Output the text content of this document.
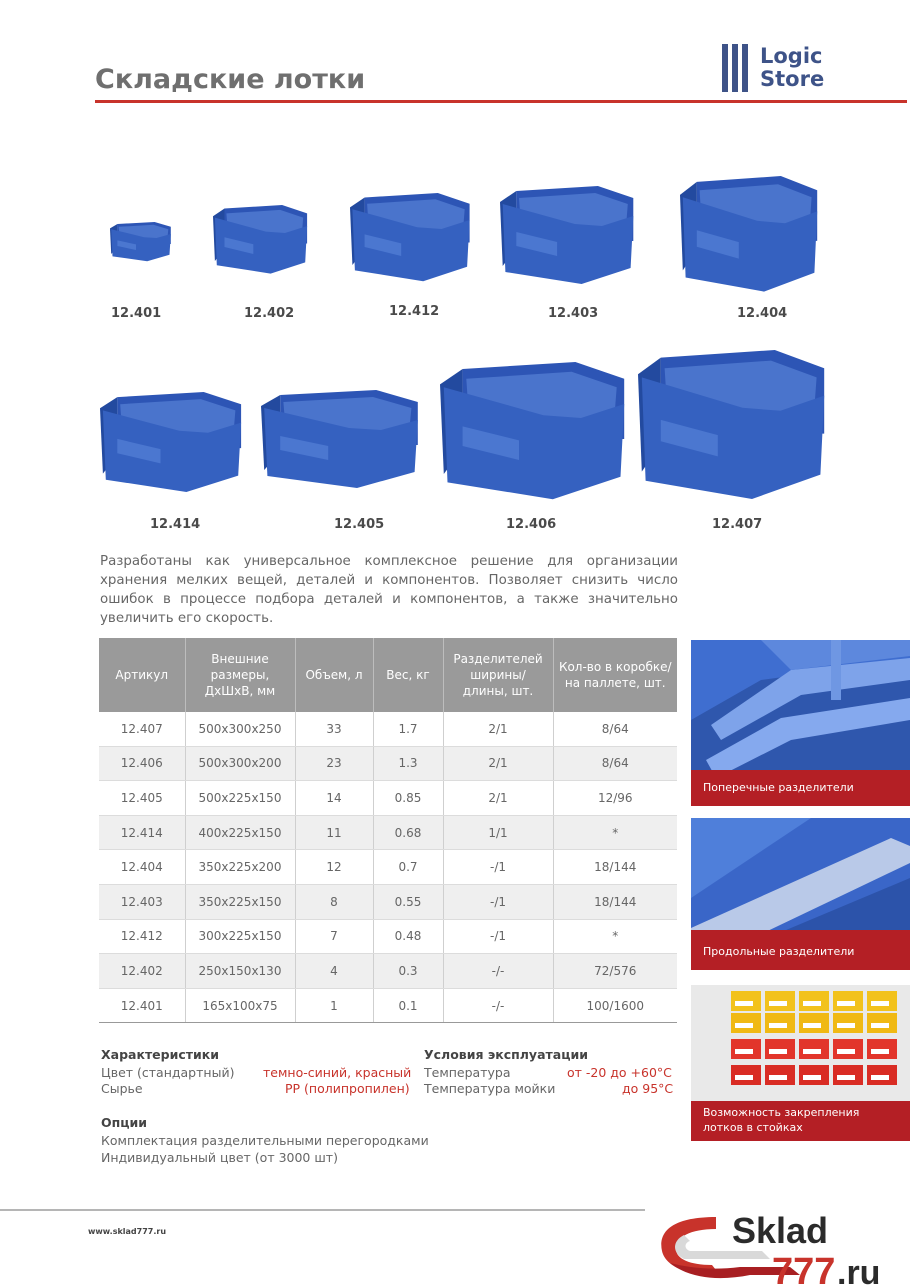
Складские лотки
Logic
Store
12.401	12.402	12.412	12.403	12.404
12.414	12.405	12.406	12.407
Разработаны как универсальное комплексное решение для организации хранения мелких вещей, деталей и компонентов. Позволяет снизить число ошибок в процессе подбора деталей и компонентов, а также значительно увеличить его скорость.
Артикул	Внешние размеры, ДхШхВ, мм	Объем, л	Вес, кг	Разделителей ширины/ длины, шт.	Кол-во в коробке/на паллете, шт.
12.407	500x300x250	33	1.7	2/1	8/64
12.406	500x300x200	23	1.3	2/1	8/64
12.405	500x225x150	14	0.85	2/1	12/96
12.414	400x225x150	11	0.68	1/1	*
12.404	350x225x200	12	0.7	-/1	18/144
12.403	350x225x150	8	0.55	-/1	18/144
12.412	300x225x150	7	0.48	-/1	*
12.402	250x150x130	4	0.3	-/-	72/576
12.401	165x100x75	1	0.1	-/-	100/1600
Характеристики
Цвет (стандартный) темно-синий, красный
Сырье	PP (полипропилен)
Условия эксплуатации
Температура	от -20 до +60°С
Температура мойки	до 95°С
Опции
Комплектация разделительными перегородками
Индивидуальный цвет (от 3000 шт)
Поперечные разделители
Продольные разделители
Возможность закрепления лотков в стойках
www.sklad777.ru	Sklad
777 .ru
